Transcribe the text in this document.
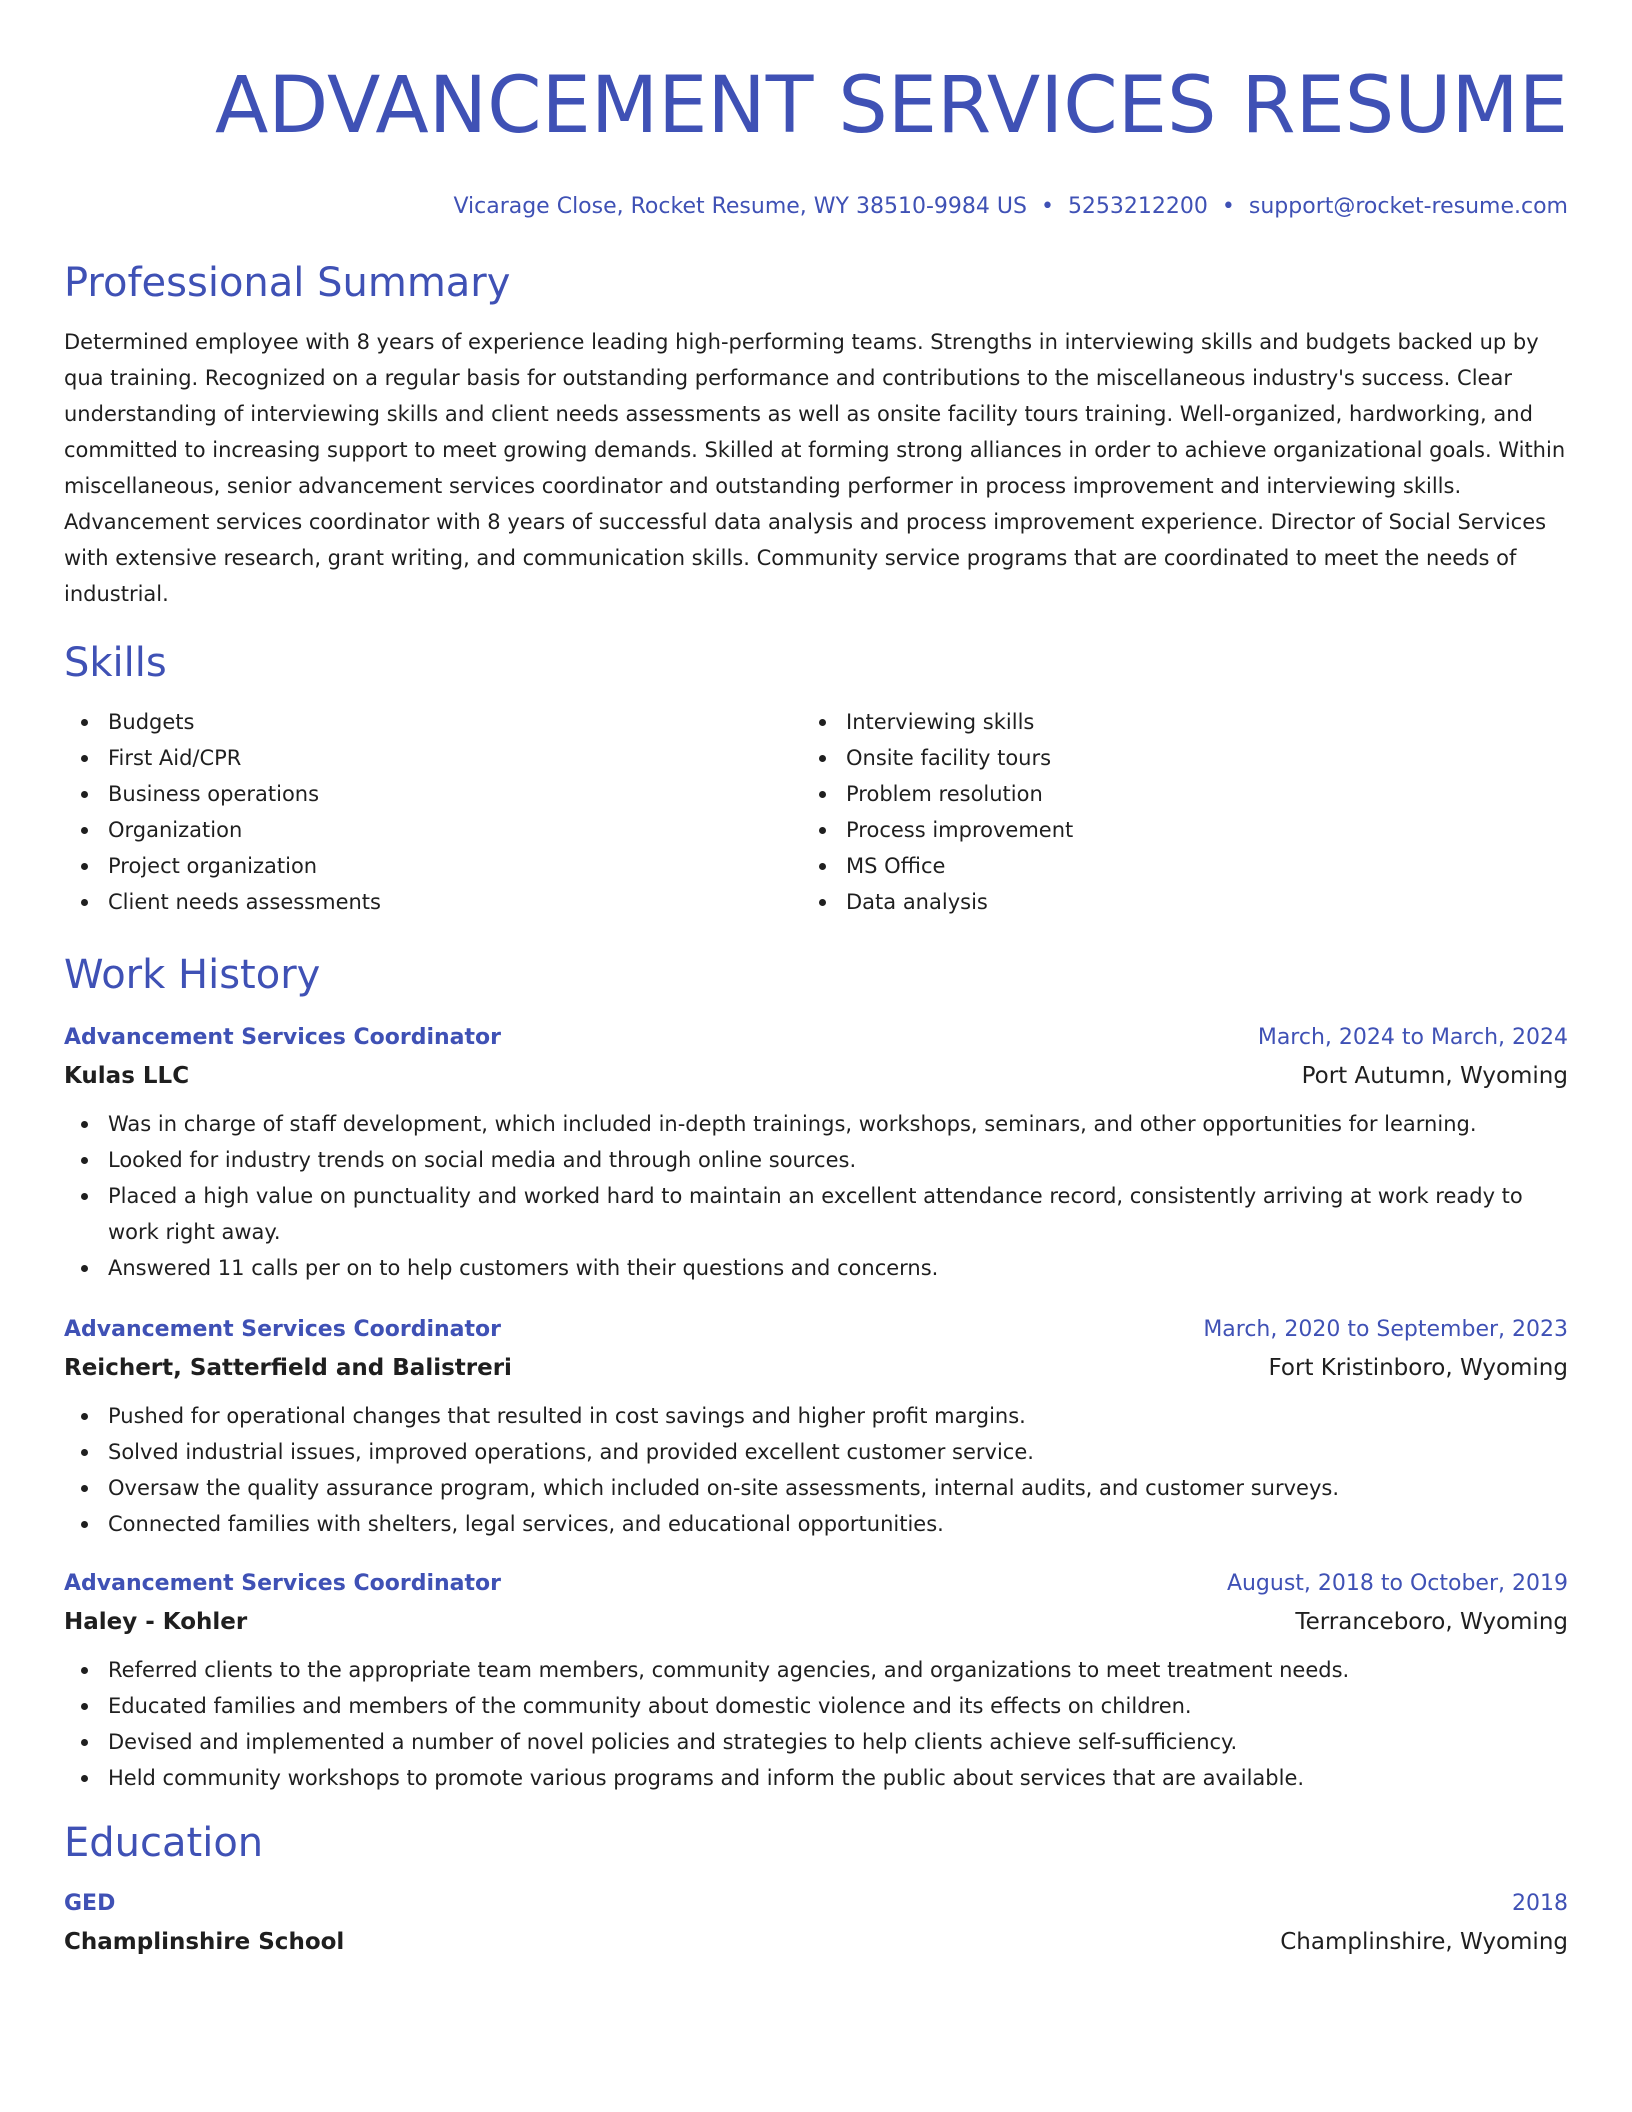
ADVANCEMENT SERVICES RESUME
Vicarage Close, Rocket Resume, WY 38510-9984 US • 5253212200 • support@rocket-resume.com
Professional Summary
Determined employee with 8 years of experience leading high-performing teams. Strengths in interviewing skills and budgets backed up by qua training. Recognized on a regular basis for outstanding performance and contributions to the miscellaneous industry's success. Clear understanding of interviewing skills and client needs assessments as well as onsite facility tours training. Well-organized, hardworking, and committed to increasing support to meet growing demands. Skilled at forming strong alliances in order to achieve organizational goals. Within miscellaneous, senior advancement services coordinator and outstanding performer in process improvement and interviewing skills. Advancement services coordinator with 8 years of successful data analysis and process improvement experience. Director of Social Services with extensive research, grant writing, and communication skills. Community service programs that are coordinated to meet the needs of industrial.
Skills
Budgets
First Aid/CPR
Business operations
Organization
Project organization
Client needs assessments
Interviewing skills
Onsite facility tours
Problem resolution
Process improvement
MS Office
Data analysis
Work History
Advancement Services Coordinator	March, 2024 to March, 2024
Kulas LLC	Port Autumn, Wyoming
Was in charge of staff development, which included in-depth trainings, workshops, seminars, and other opportunities for learning.
Looked for industry trends on social media and through online sources.
Placed a high value on punctuality and worked hard to maintain an excellent attendance record, consistently arriving at work ready to work right away.
Answered 11 calls per on to help customers with their questions and concerns.
Advancement Services Coordinator	March, 2020 to September, 2023
Reichert, Satterfield and Balistreri	Fort Kristinboro, Wyoming
Pushed for operational changes that resulted in cost savings and higher profit margins.
Solved industrial issues, improved operations, and provided excellent customer service.
Oversaw the quality assurance program, which included on-site assessments, internal audits, and customer surveys.
Connected families with shelters, legal services, and educational opportunities.
Advancement Services Coordinator	August, 2018 to October, 2019
Haley - Kohler	Terranceboro, Wyoming
Referred clients to the appropriate team members, community agencies, and organizations to meet treatment needs.
Educated families and members of the community about domestic violence and its effects on children.
Devised and implemented a number of novel policies and strategies to help clients achieve self-sufficiency.
Held community workshops to promote various programs and inform the public about services that are available.
Education
GED	2018
Champlinshire School	Champlinshire, Wyoming
